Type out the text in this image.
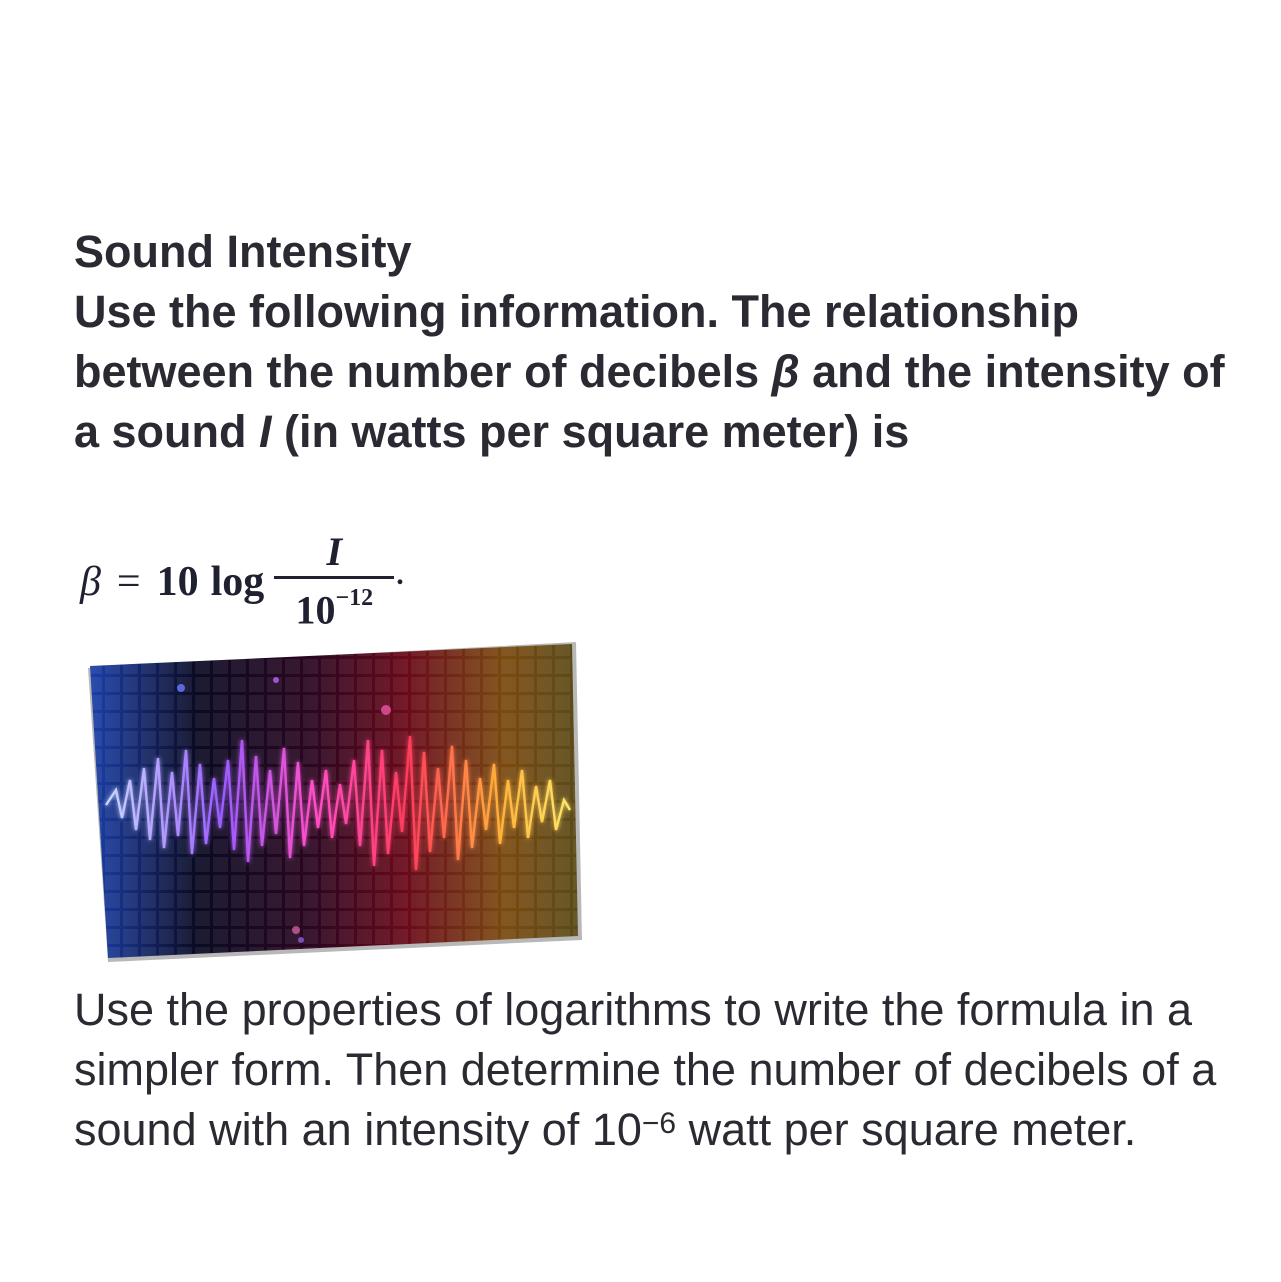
Sound Intensity

Use the following information. The relationship between the number of decibels β and the intensity of a sound I (in watts per square meter) is

β = 10 $\log \frac{I}{10^{-12}}$ .

Use the properties of logarithms to write the formula in a simpler form. Then determine the number of decibels of a sound with an intensity of $10^{-6}$ watt per square meter.
